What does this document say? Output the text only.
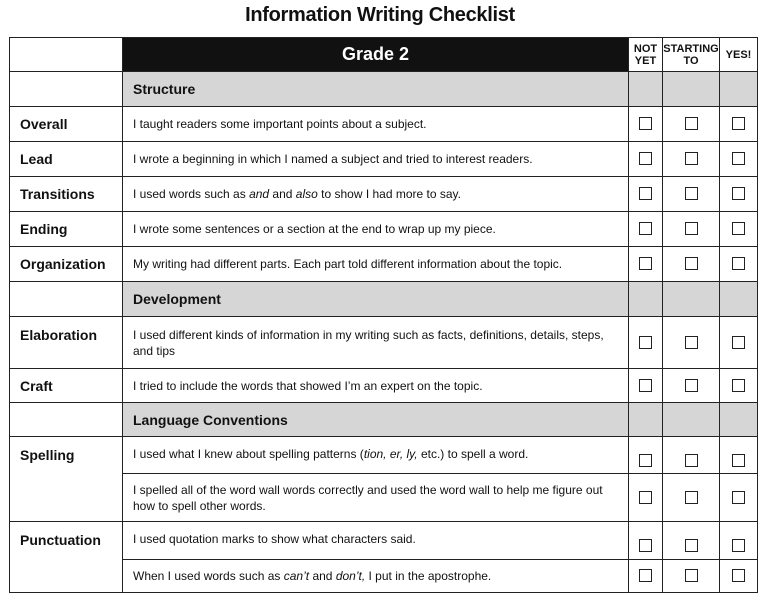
Information Writing Checklist
	Grade 2	NOT YET	STARTING TO	YES!
	Structure			
Overall	I taught readers some important points about a subject.			
Lead	I wrote a beginning in which I named a subject and tried to interest readers.			
Transitions	I used words such as and and also to show I had more to say.			
Ending	I wrote some sentences or a section at the end to wrap up my piece.			
Organization	My writing had different parts. Each part told different information about the topic.			
	Development			
Elaboration	I used different kinds of information in my writing such as facts, definitions, details, steps, and tips			
Craft	I tried to include the words that showed I’m an expert on the topic.			
	Language Conventions			
Spelling	I used what I knew about spelling patterns (tion, er, ly, etc.) to spell a word.			
	I spelled all of the word wall words correctly and used the word wall to help me figure out how to spell other words.			
Punctuation	I used quotation marks to show what characters said.			
	When I used words such as can’t and don’t, I put in the apostrophe.			
